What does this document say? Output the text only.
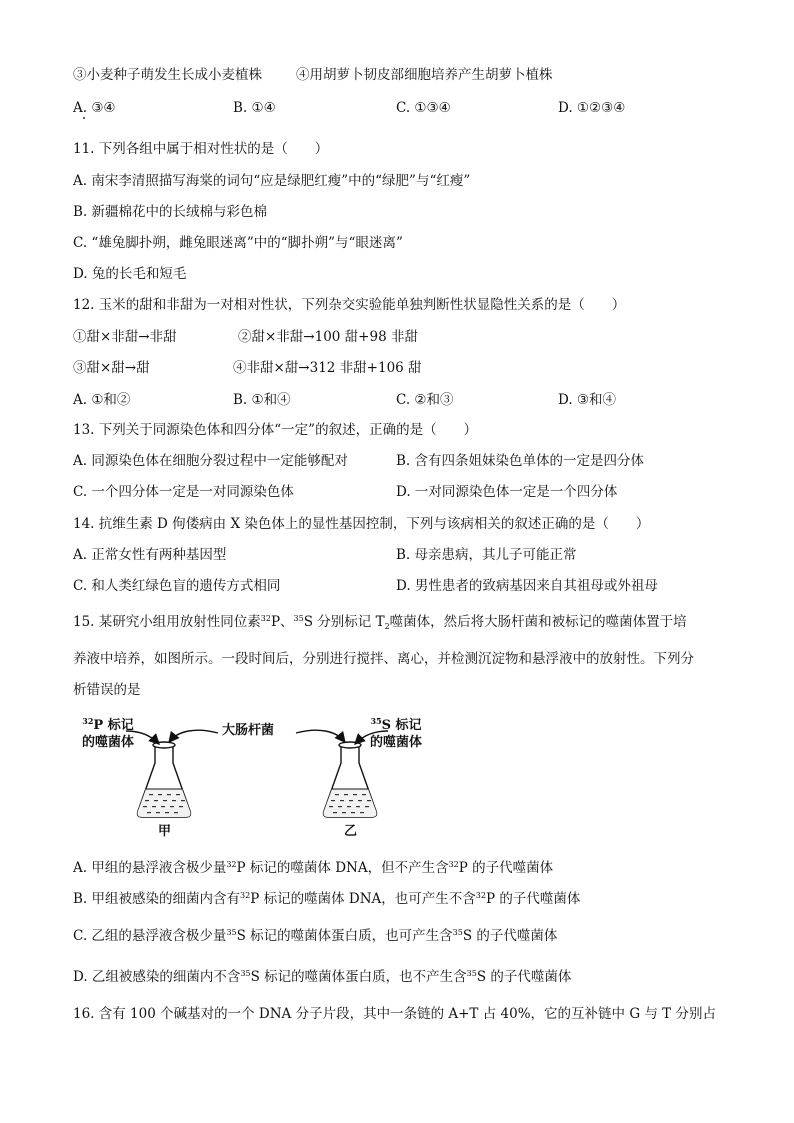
③小麦种子萌发生长成小麦植株	④用胡萝卜韧皮部细胞培养产生胡萝卜植株
A. ③④	B. ①④	C. ①③④	D. ①②③④
11. 下列各组中属于相对性状的是（　　）
A. 南宋李清照描写海棠的词句“应是绿肥红瘦”中的“绿肥”与“红瘦”
B. 新疆棉花中的长绒棉与彩色棉
C. “雄兔脚扑朔，雌兔眼迷离”中的“脚扑朔”与“眼迷离”
D. 兔的长毛和短毛
12. 玉米的甜和非甜为一对相对性状，下列杂交实验能单独判断性状显隐性关系的是（　　）
①甜×非甜→非甜	②甜×非甜→100 甜+98 非甜
③甜×甜→甜	④非甜×甜→312 非甜+106 甜
A. ①和②	B. ①和④	C. ②和③	D. ③和④
13. 下列关于同源染色体和四分体“一定”的叙述，正确的是（　　）
A. 同源染色体在细胞分裂过程中一定能够配对	B. 含有四条姐妹染色单体的一定是四分体
C. 一个四分体一定是一对同源染色体	D. 一对同源染色体一定是一个四分体
14. 抗维生素 D 佝偻病由 X 染色体上的显性基因控制，下列与该病相关的叙述正确的是（　　）
A. 正常女性有两种基因型	B. 母亲患病，其儿子可能正常
C. 和人类红绿色盲的遗传方式相同	D. 男性患者的致病基因来自其祖母或外祖母
15. 某研究小组用放射性同位素$^{32}$P、$^{35}$S 分别标记 $T_2$噬菌体，然后将大肠杆菌和被标记的噬菌体置于培
养液中培养，如图所示。一段时间后，分别进行搅拌、离心，并检测沉淀物和悬浮液中的放射性。下列分
析错误的是
$^{32}$P 标记
的噬菌体
大肠杆菌
$^{35}$S 标记
的噬菌体
甲	乙
A. 甲组的悬浮液含极少量$^{32}$P 标记的噬菌体 DNA，但不产生含$^{32}$P 的子代噬菌体
B. 甲组被感染的细菌内含有$^{32}$P 标记的噬菌体 DNA，也可产生不含$^{32}$P 的子代噬菌体
C. 乙组的悬浮液含极少量$^{35}$S 标记的噬菌体蛋白质，也可产生含$^{35}$S 的子代噬菌体
D. 乙组被感染的细菌内不含$^{35}$S 标记的噬菌体蛋白质，也不产生含$^{35}$S 的子代噬菌体
16. 含有 100 个碱基对的一个 DNA 分子片段，其中一条链的 A+T 占 40%，它的互补链中 G 与 T 分别占
